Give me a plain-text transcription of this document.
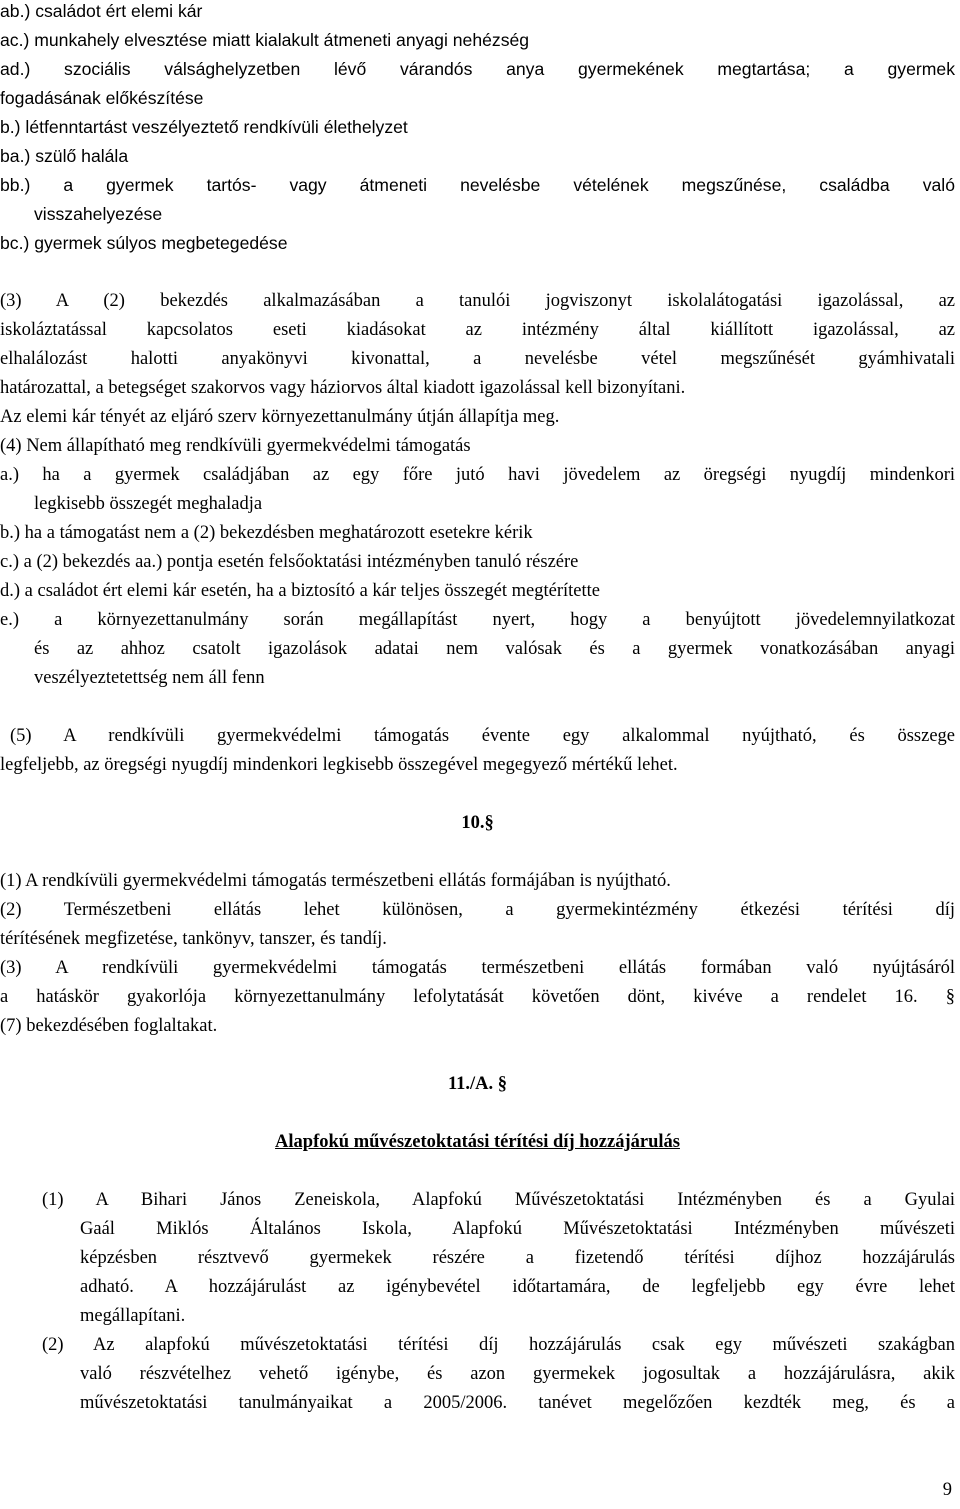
ab.) családot ért elemi kár
ac.) munkahely elvesztése miatt kialakult átmeneti anyagi nehézség
ad.) szociális válsághelyzetben lévő várandós anya gyermekének megtartása; a gyermek
fogadásának előkészítése
b.) létfenntartást veszélyeztető rendkívüli élethelyzet
ba.) szülő halála
bb.) a gyermek tartós- vagy átmeneti nevelésbe vételének megszűnése, családba való
visszahelyezése
bc.) gyermek súlyos megbetegedése
(3) A (2) bekezdés alkalmazásában a tanulói jogviszonyt iskolalátogatási igazolással, az
iskoláztatással kapcsolatos eseti kiadásokat az intézmény által kiállított igazolással, az
elhalálozást halotti anyakönyvi kivonattal, a nevelésbe vétel megszűnését gyámhivatali
határozattal, a betegséget szakorvos vagy háziorvos által kiadott igazolással kell bizonyítani.
Az elemi kár tényét az eljáró szerv környezettanulmány útján állapítja meg.
(4) Nem állapítható meg rendkívüli gyermekvédelmi támogatás
a.) ha a gyermek családjában az egy főre jutó havi jövedelem az öregségi nyugdíj mindenkori
legkisebb összegét meghaladja
b.) ha a támogatást nem a (2) bekezdésben meghatározott esetekre kérik
c.) a (2) bekezdés aa.) pontja esetén felsőoktatási intézményben tanuló részére
d.) a családot ért elemi kár esetén, ha a biztosító a kár teljes összegét megtérítette
e.) a környezettanulmány során megállapítást nyert, hogy a benyújtott jövedelemnyilatkozat
és az ahhoz csatolt igazolások adatai nem valósak és a gyermek vonatkozásában anyagi
veszélyeztetettség nem áll fenn
(5) A rendkívüli gyermekvédelmi támogatás évente egy alkalommal nyújtható, és összege
legfeljebb, az öregségi nyugdíj mindenkori legkisebb összegével megegyező mértékű lehet.
10.§
(1) A rendkívüli gyermekvédelmi támogatás természetbeni ellátás formájában is nyújtható.
(2) Természetbeni ellátás lehet különösen, a gyermekintézmény étkezési térítési díj
térítésének megfizetése, tankönyv, tanszer, és tandíj.
(3) A rendkívüli gyermekvédelmi támogatás természetbeni ellátás formában való nyújtásáról
a hatáskör gyakorlója környezettanulmány lefolytatását követően dönt, kivéve a rendelet 16. §
(7) bekezdésében foglaltakat.
11./A. §
Alapfokú művészetoktatási térítési díj hozzájárulás
(1) A Bihari János Zeneiskola, Alapfokú Művészetoktatási Intézményben és a Gyulai
Gaál Miklós Általános Iskola, Alapfokú Művészetoktatási Intézményben művészeti
képzésben résztvevő gyermekek részére a fizetendő térítési díjhoz hozzájárulás
adható. A hozzájárulást az igénybevétel időtartamára, de legfeljebb egy évre lehet
megállapítani.
(2) Az alapfokú művészetoktatási térítési díj hozzájárulás csak egy művészeti szakágban
való részvételhez vehető igénybe, és azon gyermekek jogosultak a hozzájárulásra, akik
művészetoktatási tanulmányaikat a 2005/2006. tanévet megelőzően kezdték meg, és a
9
